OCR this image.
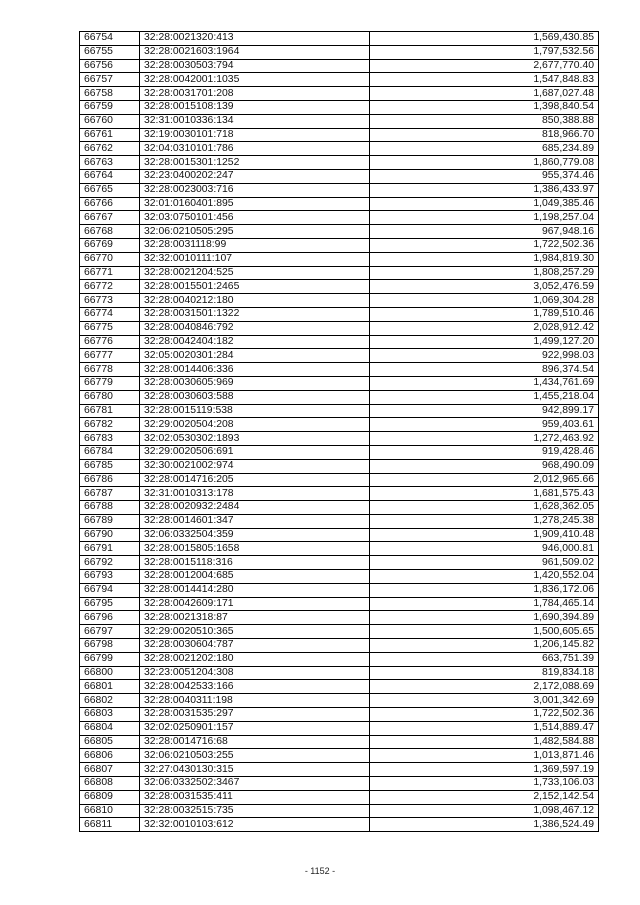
66754	32:28:0021320:413	1,569,430.85
66755	32:28:0021603:1964	1,797,532.56
66756	32:28:0030503:794	2,677,770.40
66757	32:28:0042001:1035	1,547,848.83
66758	32:28:0031701:208	1,687,027.48
66759	32:28:0015108:139	1,398,840.54
66760	32:31:0010336:134	850,388.88
66761	32:19:0030101:718	818,966.70
66762	32:04:0310101:786	685,234.89
66763	32:28:0015301:1252	1,860,779.08
66764	32:23:0400202:247	955,374.46
66765	32:28:0023003:716	1,386,433.97
66766	32:01:0160401:895	1,049,385.46
66767	32:03:0750101:456	1,198,257.04
66768	32:06:0210505:295	967,948.16
66769	32:28:0031118:99	1,722,502.36
66770	32:32:0010111:107	1,984,819.30
66771	32:28:0021204:525	1,808,257.29
66772	32:28:0015501:2465	3,052,476.59
66773	32:28:0040212:180	1,069,304.28
66774	32:28:0031501:1322	1,789,510.46
66775	32:28:0040846:792	2,028,912.42
66776	32:28:0042404:182	1,499,127.20
66777	32:05:0020301:284	922,998.03
66778	32:28:0014406:336	896,374.54
66779	32:28:0030605:969	1,434,761.69
66780	32:28:0030603:588	1,455,218.04
66781	32:28:0015119:538	942,899.17
66782	32:29:0020504:208	959,403.61
66783	32:02:0530302:1893	1,272,463.92
66784	32:29:0020506:691	919,428.46
66785	32:30:0021002:974	968,490.09
66786	32:28:0014716:205	2,012,965.66
66787	32:31:0010313:178	1,681,575.43
66788	32:28:0020932:2484	1,628,362.05
66789	32:28:0014601:347	1,278,245.38
66790	32:06:0332504:359	1,909,410.48
66791	32:28:0015805:1658	946,000.81
66792	32:28:0015118:316	961,509.02
66793	32:28:0012004:685	1,420,552.04
66794	32:28:0014414:280	1,836,172.06
66795	32:28:0042609:171	1,784,465.14
66796	32:28:0021318:87	1,690,394.89
66797	32:29:0020510:365	1,500,605.65
66798	32:28:0030604:787	1,206,145.82
66799	32:28:0021202:180	663,751.39
66800	32:23:0051204:308	819,834.18
66801	32:28:0042533:166	2,172,088.69
66802	32:28:0040311:198	3,001,342.69
66803	32:28:0031535:297	1,722,502.36
66804	32:02:0250901:157	1,514,889.47
66805	32:28:0014716:68	1,482,584.88
66806	32:06:0210503:255	1,013,871.46
66807	32:27:0430130:315	1,369,597.19
66808	32:06:0332502:3467	1,733,106.03
66809	32:28:0031535:411	2,152,142.54
66810	32:28:0032515:735	1,098,467.12
66811	32:32:0010103:612	1,386,524.49
- 1152 -
